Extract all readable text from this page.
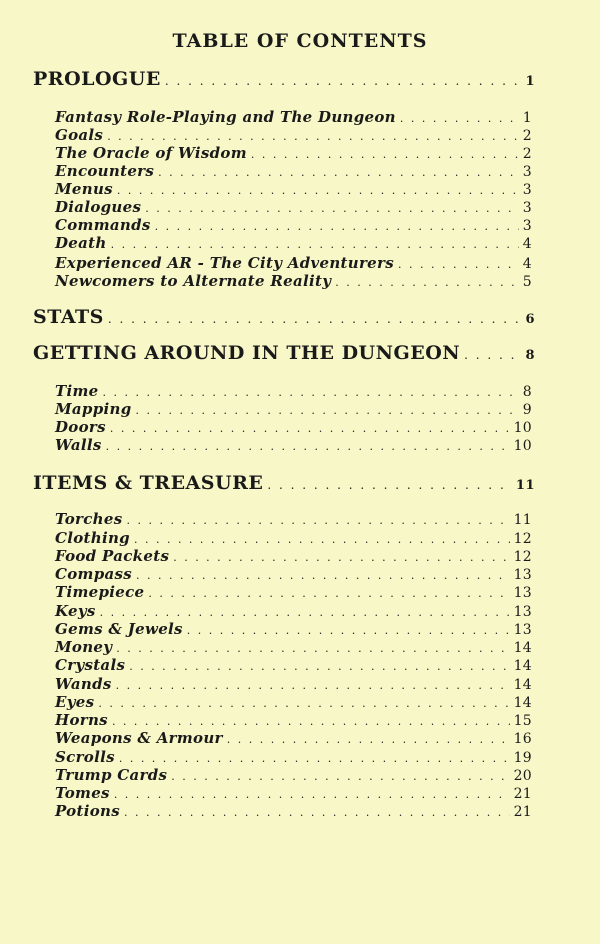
TABLE OF CONTENTS
PROLOGUE . . .	1
Fantasy Role-Playing and The Dungeon . . .	1
Goals . . .	2
The Oracle of Wisdom . . .	2
Encounters . . .	3
Menus . . .	3
Dialogues . . .	3
Commands . . .	3
Death . . .	4
Experienced AR - The City Adventurers . . .	4
Newcomers to Alternate Reality . . .	5
STATS . . .	6
GETTING AROUND IN THE DUNGEON . . .	8
Time . . .	8
Mapping . . .	9
Doors . . .	10
Walls . . .	10
ITEMS & TREASURE . . .	11
Torches . . .	11
Clothing . . .	12
Food Packets . . .	12
Compass . . .	13
Timepiece . . .	13
Keys . . .	13
Gems & Jewels . . .	13
Money . . .	14
Crystals . . .	14
Wands . . .	14
Eyes . . .	14
Horns . . .	15
Weapons & Armour . . .	16
Scrolls . . .	19
Trump Cards . . .	20
Tomes . . .	21
Potions . . .	21
